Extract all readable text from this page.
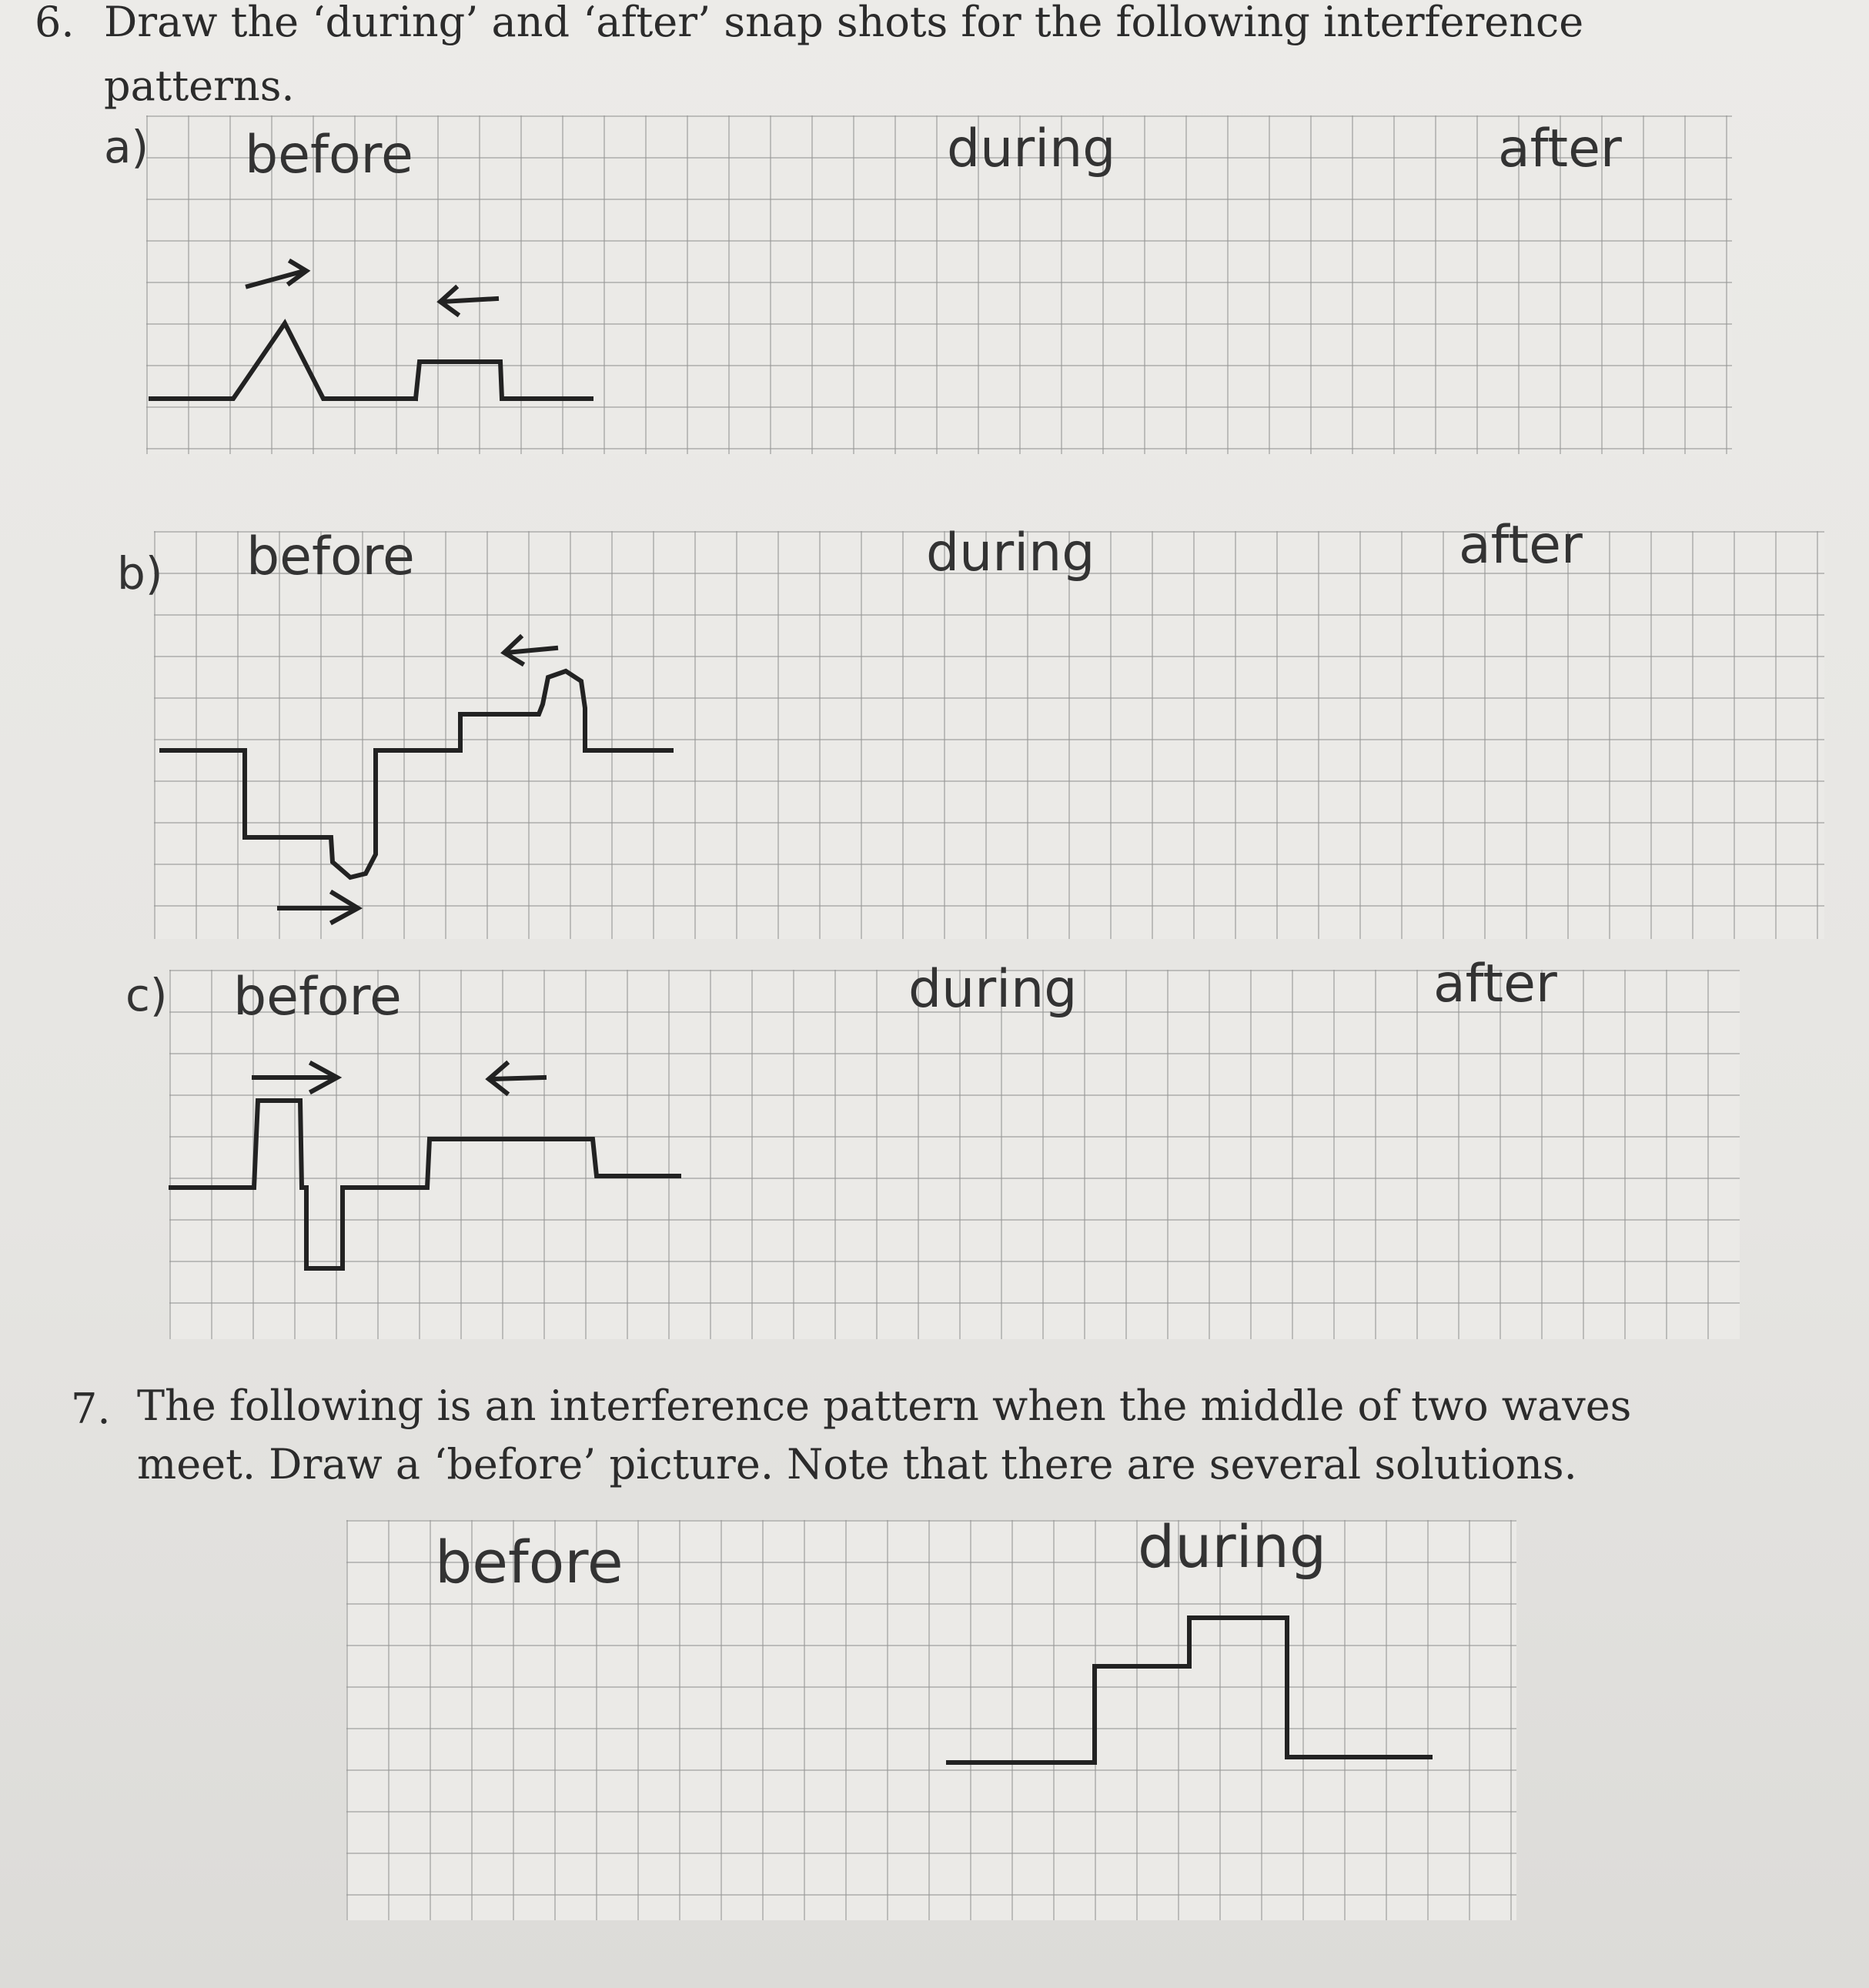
6. Draw the ‘during’ and ‘after’ snap shots for the following interference
patterns.
a) before	during	after
b) before	during	after
c) before	during	after
7. The following is an interference pattern when the middle of two waves
meet. Draw a ‘before’ picture. Note that there are several solutions.
before	during
